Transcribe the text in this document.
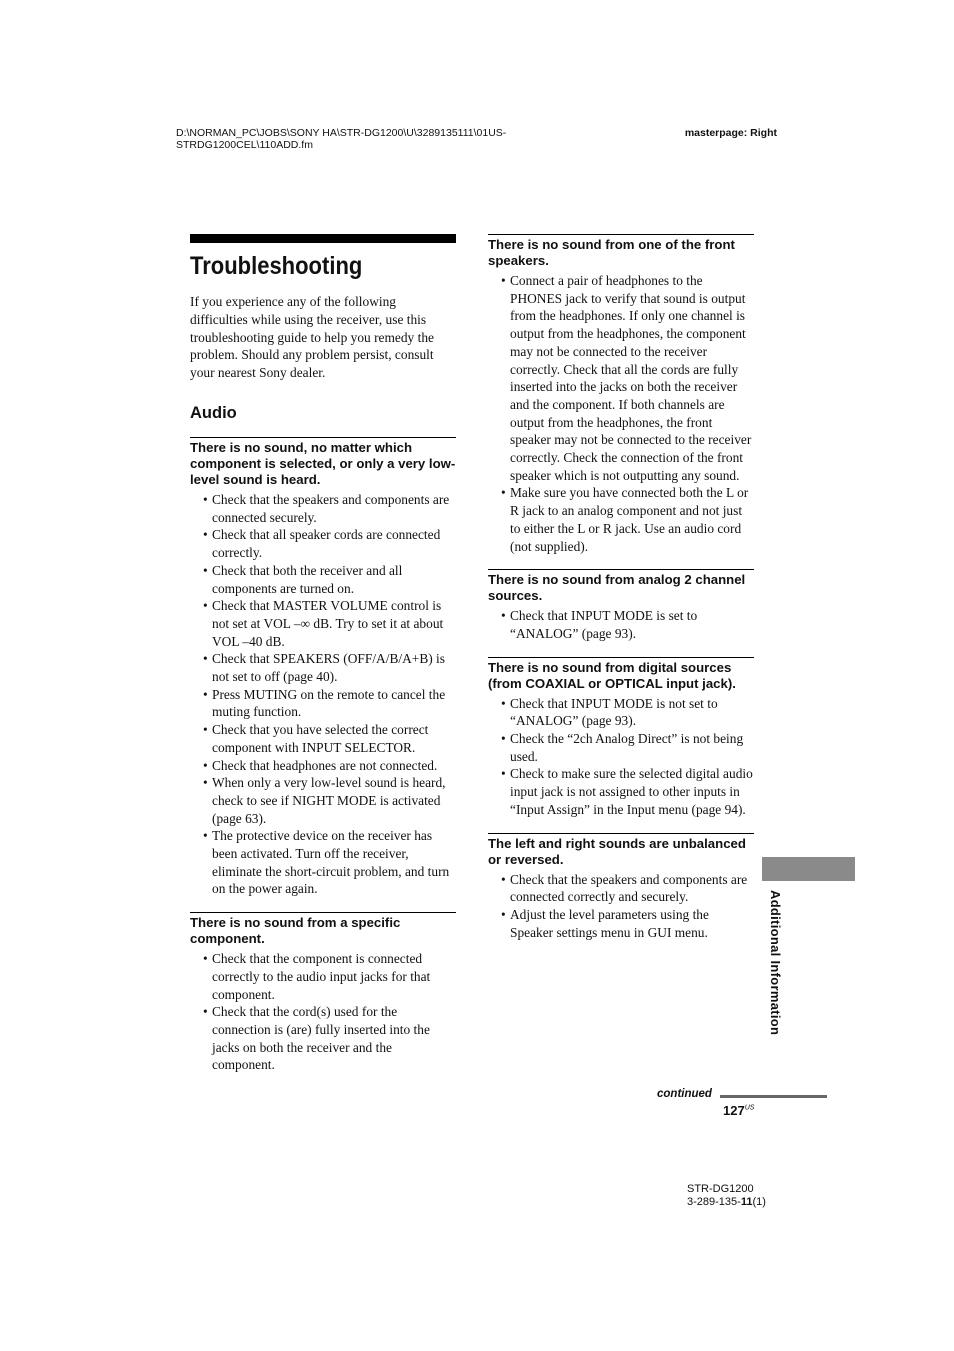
D:\NORMAN_PC\JOBS\SONY HA\STR-DG1200\U\3289135111\01US-STRDG1200CEL\110ADD.fm
masterpage: Right
Troubleshooting

If you experience any of the following difficulties while using the receiver, use this troubleshooting guide to help you remedy the problem. Should any problem persist, consult your nearest Sony dealer.

Audio
There is no sound, no matter which component is selected, or only a very low-level sound is heard.
• Check that the speakers and components are connected securely.
• Check that all speaker cords are connected correctly.
• Check that both the receiver and all components are turned on.
• Check that MASTER VOLUME control is not set at VOL –∞ dB. Try to set it at about VOL –40 dB.
• Check that SPEAKERS (OFF/A/B/A+B) is not set to off (page 40).
• Press MUTING on the remote to cancel the muting function.
• Check that you have selected the correct component with INPUT SELECTOR.
• Check that headphones are not connected.
• When only a very low-level sound is heard, check to see if NIGHT MODE is activated (page 63).
• The protective device on the receiver has been activated. Turn off the receiver, eliminate the short-circuit problem, and turn on the power again.
There is no sound from a specific component.
• Check that the component is connected correctly to the audio input jacks for that component.
• Check that the cord(s) used for the connection is (are) fully inserted into the jacks on both the receiver and the component.
There is no sound from one of the front speakers.
• Connect a pair of headphones to the PHONES jack to verify that sound is output from the headphones. If only one channel is output from the headphones, the component may not be connected to the receiver correctly. Check that all the cords are fully inserted into the jacks on both the receiver and the component. If both channels are output from the headphones, the front speaker may not be connected to the receiver correctly. Check the connection of the front speaker which is not outputting any sound.
• Make sure you have connected both the L or R jack to an analog component and not just to either the L or R jack. Use an audio cord (not supplied).
There is no sound from analog 2 channel sources.
• Check that INPUT MODE is set to “ANALOG” (page 93).
There is no sound from digital sources (from COAXIAL or OPTICAL input jack).
• Check that INPUT MODE is not set to “ANALOG” (page 93).
• Check the “2ch Analog Direct” is not being used.
• Check to make sure the selected digital audio input jack is not assigned to other inputs in “Input Assign” in the Input menu (page 94).
The left and right sounds are unbalanced or reversed.
• Check that the speakers and components are connected correctly and securely.
• Adjust the level parameters using the Speaker settings menu in GUI menu.	Additional Information
continued
$127^{US}$
STR-DG1200
3-289-135-11(1)
